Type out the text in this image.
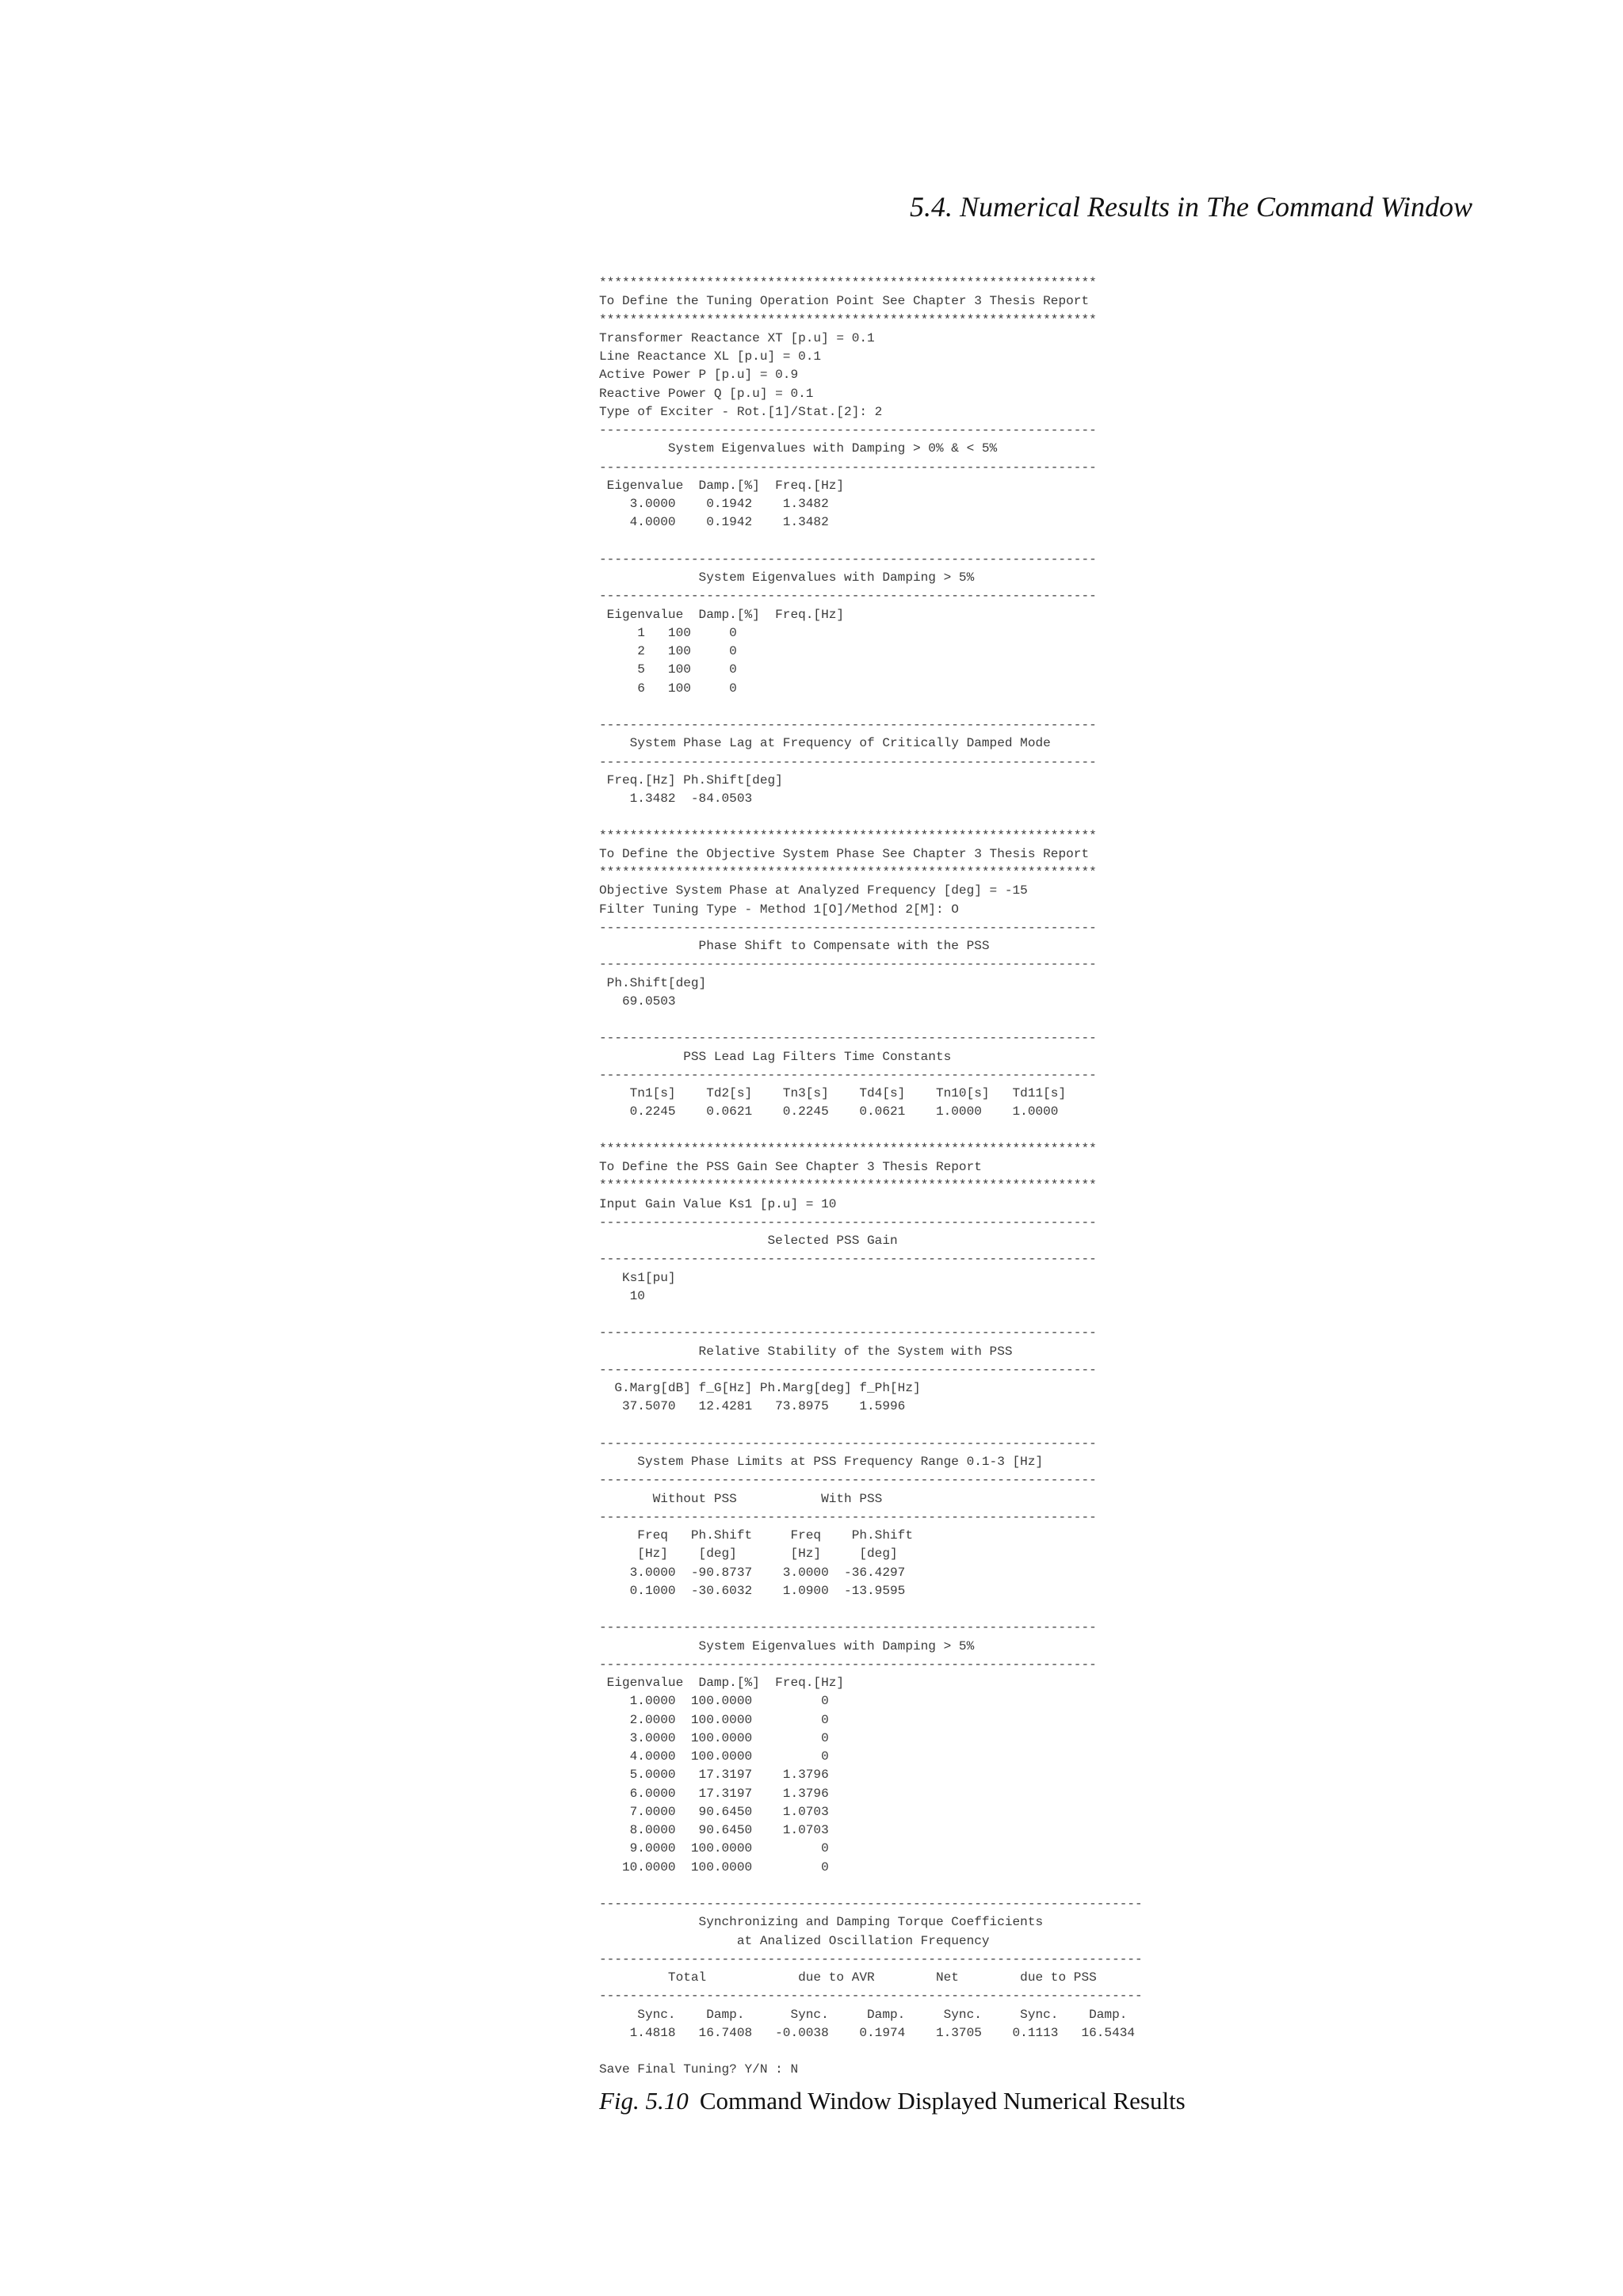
5.4. Numerical Results in The Command Window
*****************************************************************
To Define the Tuning Operation Point See Chapter 3 Thesis Report
*****************************************************************
Transformer Reactance XT [p.u] = 0.1
Line Reactance XL [p.u] = 0.1
Active Power P [p.u] = 0.9
Reactive Power Q [p.u] = 0.1
Type of Exciter - Rot.[1]/Stat.[2]: 2
-----------------------------------------------------------------
System Eigenvalues with Damping > 0% & < 5%
-----------------------------------------------------------------
Eigenvalue  Damp.[%]  Freq.[Hz]
3.0000    0.1942    1.3482
4.0000    0.1942    1.3482

-----------------------------------------------------------------
System Eigenvalues with Damping > 5%
-----------------------------------------------------------------
Eigenvalue  Damp.[%]  Freq.[Hz]
1   100     0
2   100     0
5   100     0
6   100     0

-----------------------------------------------------------------
System Phase Lag at Frequency of Critically Damped Mode
-----------------------------------------------------------------
Freq.[Hz] Ph.Shift[deg]
1.3482  -84.0503

*****************************************************************
To Define the Objective System Phase See Chapter 3 Thesis Report
*****************************************************************
Objective System Phase at Analyzed Frequency [deg] = -15
Filter Tuning Type - Method 1[O]/Method 2[M]: O
-----------------------------------------------------------------
Phase Shift to Compensate with the PSS
-----------------------------------------------------------------
Ph.Shift[deg]
69.0503

-----------------------------------------------------------------
PSS Lead Lag Filters Time Constants
-----------------------------------------------------------------
Tn1[s]    Td2[s]    Tn3[s]    Td4[s]    Tn10[s]   Td11[s]
0.2245    0.0621    0.2245    0.0621    1.0000    1.0000

*****************************************************************
To Define the PSS Gain See Chapter 3 Thesis Report
*****************************************************************
Input Gain Value Ks1 [p.u] = 10
-----------------------------------------------------------------
Selected PSS Gain
-----------------------------------------------------------------
Ks1[pu]
10

-----------------------------------------------------------------
Relative Stability of the System with PSS
-----------------------------------------------------------------
G.Marg[dB] f_G[Hz] Ph.Marg[deg] f_Ph[Hz]
37.5070   12.4281   73.8975    1.5996

-----------------------------------------------------------------
System Phase Limits at PSS Frequency Range 0.1-3 [Hz]
-----------------------------------------------------------------
Without PSS           With PSS
-----------------------------------------------------------------
Freq   Ph.Shift     Freq    Ph.Shift
[Hz]    [deg]       [Hz]     [deg]
3.0000  -90.8737    3.0000  -36.4297
0.1000  -30.6032    1.0900  -13.9595

-----------------------------------------------------------------
System Eigenvalues with Damping > 5%
-----------------------------------------------------------------
Eigenvalue  Damp.[%]  Freq.[Hz]
1.0000  100.0000         0
2.0000  100.0000         0
3.0000  100.0000         0
4.0000  100.0000         0
5.0000   17.3197    1.3796
6.0000   17.3197    1.3796
7.0000   90.6450    1.0703
8.0000   90.6450    1.0703
9.0000  100.0000         0
10.0000  100.0000         0

-----------------------------------------------------------------------
Synchronizing and Damping Torque Coefficients
at Analized Oscillation Frequency
-----------------------------------------------------------------------
Total            due to AVR        Net        due to PSS
-----------------------------------------------------------------------
Sync.    Damp.      Sync.     Damp.     Sync.     Sync.    Damp.
1.4818   16.7408   -0.0038    0.1974    1.3705    0.1113   16.5434

Save Final Tuning? Y/N : N
Fig. 5.10 Command Window Displayed Numerical Results
